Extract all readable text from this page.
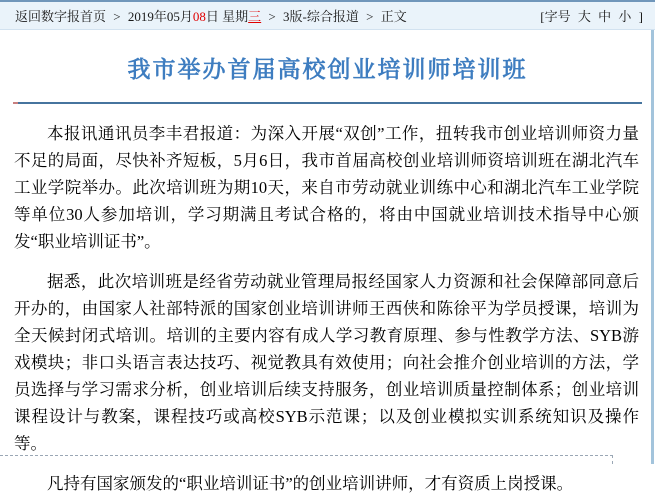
返回数字报首页 > 2019年05月08日 星期三 > 3版-综合报道 > 正文	[字号 大 中 小 ]
我市举办首届高校创业培训师培训班

本报讯通讯员李丰君报道：为深入开展“双创”工作，扭转我市创业培训师资力量不足的局面，尽快补齐短板，5月6日，我市首届高校创业培训师资培训班在湖北汽车工业学院举办。此次培训班为期10天，来自市劳动就业训练中心和湖北汽车工业学院等单位30人参加培训，学习期满且考试合格的，将由中国就业培训技术指导中心颁发“职业培训证书”。

据悉，此次培训班是经省劳动就业管理局报经国家人力资源和社会保障部同意后开办的，由国家人社部特派的国家创业培训讲师王西侠和陈徐平为学员授课，培训为全天候封闭式培训。培训的主要内容有成人学习教育原理、参与性教学方法、SYB游戏模块；非口头语言表达技巧、视觉教具有效使用；向社会推介创业培训的方法，学员选择与学习需求分析，创业培训后续支持服务，创业培训质量控制体系；创业培训课程设计与教案，课程技巧或高校SYB示范课；以及创业模拟实训系统知识及操作等。

凡持有国家颁发的“职业培训证书”的创业培训讲师，才有资质上岗授课。
